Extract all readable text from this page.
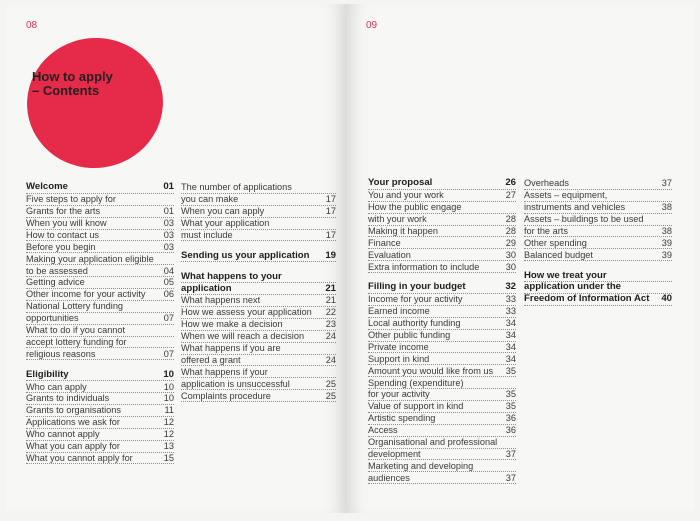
08
How to apply
– Contents
Welcome	01
Five steps to apply for
Grants for the arts	01
When you will know	03
How to contact us	03
Before you begin	03
Making your application eligible
to be assessed	04
Getting advice	05
Other income for your activity	06
National Lottery funding
opportunities	07
What to do if you cannot
accept lottery funding for
religious reasons	07
Eligibility	10
Who can apply	10
Grants to individuals	10
Grants to organisations	11
Applications we ask for	12
Who cannot apply	12
What you can apply for	13
What you cannot apply for	15
The number of applications
you can make	17
When you can apply	17
What your application
must include	17
Sending us your application	19
What happens to your
application	21
What happens next	21
How we assess your application	22
How we make a decision	23
When we will reach a decision	24
What happens if you are
offered a grant	24
What happens if your
application is unsuccessful	25
Complaints procedure	25
09
Your proposal	26
You and your work	27
How the public engage
with your work	28
Making it happen	28
Finance	29
Evaluation	30
Extra information to include	30
Filling in your budget	32
Income for your activity	33
Earned income	33
Local authority funding	34
Other public funding	34
Private income	34
Support in kind	34
Amount you would like from us	35
Spending (expenditure)
for your activity	35
Value of support in kind	35
Artistic spending	36
Access	36
Organisational and professional
development	37
Marketing and developing
audiences	37
Overheads	37
Assets – equipment,
instruments and vehicles	38
Assets – buildings to be used
for the arts	38
Other spending	39
Balanced budget	39
How we treat your
application under the
Freedom of Information Act	40
